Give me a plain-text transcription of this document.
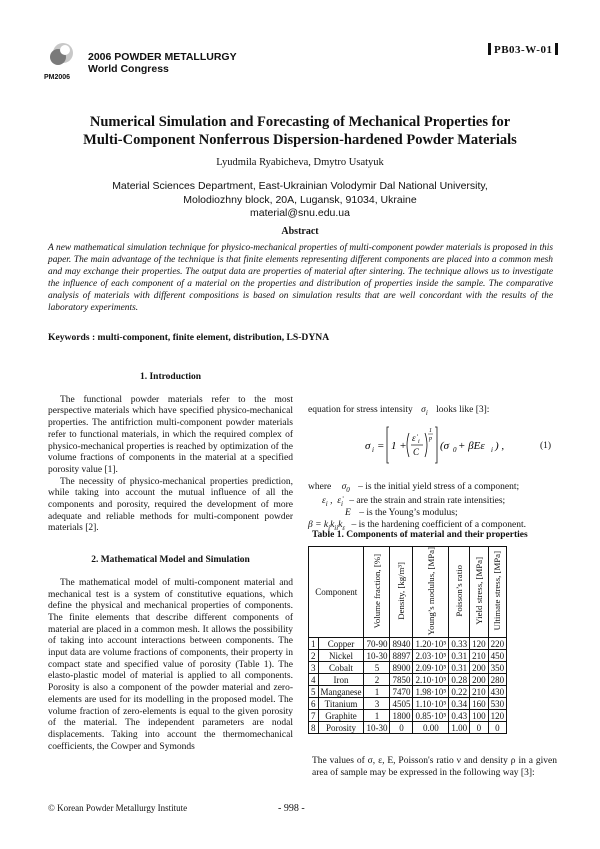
PM2006
2006 POWDER METALLURGY
World Congress
PB03-W-01
Numerical Simulation and Forecasting of Mechanical Properties for
Multi-Component Nonferrous Dispersion-hardened Powder Materials
Lyudmila Ryabicheva, Dmytro Usatyuk
Material Sciences Department, East-Ukrainian Volodymir Dal National University,
Molodiozhny block, 20A, Lugansk, 91034, Ukraine
material@snu.edu.ua
Abstract
A new mathematical simulation technique for physico-mechanical properties of multi-component powder materials is proposed in this paper. The main advantage of the technique is that finite elements representing different components are placed into a common mesh and may exchange their properties. The output data are properties of material after sintering. The technique allows us to investigate the influence of each component of a material on the properties and distribution of properties inside the sample. The comparative analysis of materials with different compositions is based on simulation results that are well concordant with the results of the laboratory experiments.
Keywords : multi-component, finite element, distribution, LS-DYNA
1. Introduction

The functional powder materials refer to the most perspective materials which have specified physico-mechanical properties. The antifriction multi-component powder materials refer to functional materials, in which the required complex of physico-mechanical properties is reached by optimization of the volume fractions of components in the material at a specified porosity value [1].

The necessity of physico-mechanical properties prediction, while taking into account the mutual influence of all the components and porosity, required the development of more adequate and reliable methods for multi-component powder materials [2].

2. Mathematical Model and Simulation

The mathematical model of multi-component material and mechanical test is a system of constitutive equations, which define the physical and mechanical properties of components. The finite elements that describe different components of material are placed in a common mesh. It allows the possibility of taking into account interactions between components. The input data are volume fractions of components, their property in compact state and specified value of porosity (Table 1). The elasto-plastic model of material is applied to all components. Porosity is also a component of the powder material and zero-elements are used for its modelling in the proposed model. The volume fraction of zero-elements is equal to the given porosity of the material. The independent parameters are nodal displacements. Taking into account the thermomechanical coefficients, the Cowper and Symonds

equation for stress intensity $\sigma_i$ looks like [3]:
σ i = 1 +
ε̇ i
C
1
p
(σ 0 + βEε i ) ,	(1)
where $\sigma_0$ – is the initial yield stress of a component;
$\varepsilon_i$ ,  $\varepsiloṅ_i$ – are the strain and strain rate intensities;
E – is the Young’s modulus;
$\beta = k_ik_{ii}k_\varepsilon$ – is the hardening coefficient of a component.
Table 1. Components of material and their properties
Component		Volume fraction, [%]	Density, [kg/m³]	Young’s modulus, [MPa]	Poisson’s ratio	Yield stress, [MPa]	Ultimate stress, [MPa]
1	Copper	70-90	8940	1.20·10⁵	0.33	120	220
2	Nickel	10-30	8897	2.03·10⁵	0.31	210	450
3	Cobalt	5	8900	2.09·10⁵	0.31	200	350
4	Iron	2	7850	2.10·10⁵	0.28	200	280
5	Manganese	1	7470	1.98·10⁵	0.22	210	430
6	Titanium	3	4505	1.10·10⁵	0.34	160	530
7	Graphite	1	1800	0.85·10⁵	0.43	100	120
8	Porosity	10-30	0	0.00	1.00	0	0
The values of σ, ε, E, Poisson's ratio ν and density ρ in a given area of sample may be expressed in the following way [3]:
© Korean Powder Metallurgy Institute	- 998 -
